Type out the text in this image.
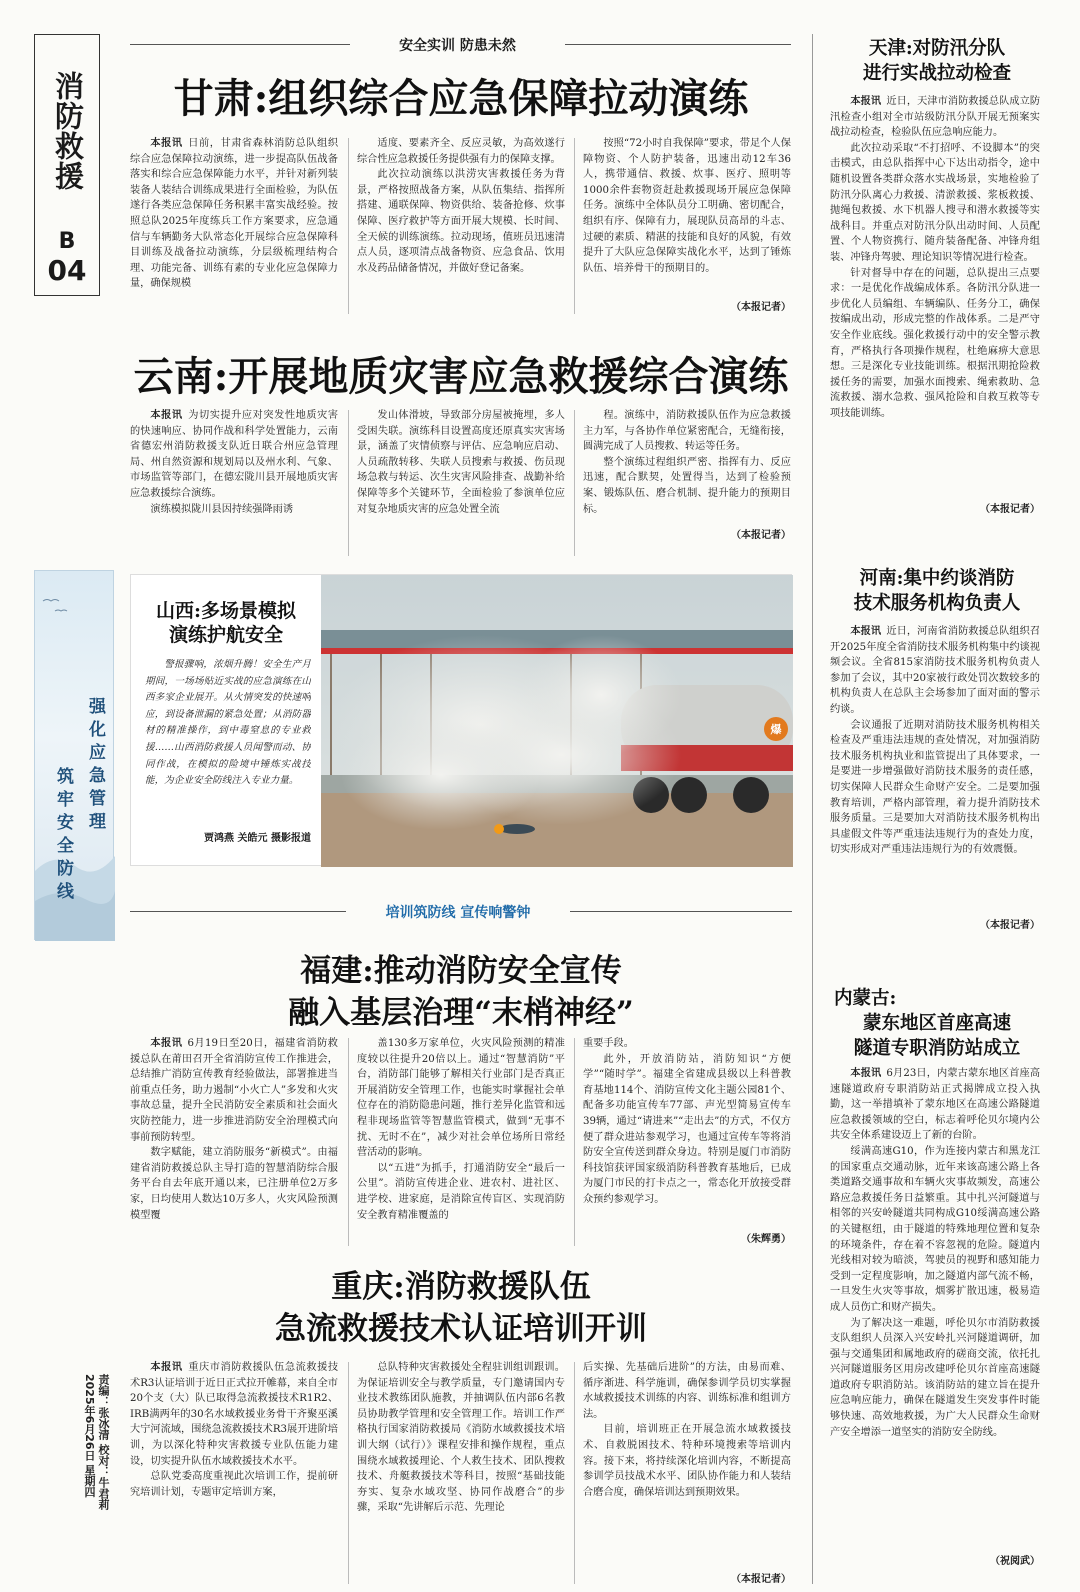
消防救援
B
04
强化应急管理
筑牢安全防线
责编：张冰清 校对：牛君莉
2025年6月26日 星期四
安全实训 防患未然
甘肃:组织综合应急保障拉动演练

本报讯  日前，甘肃省森林消防总队组织综合应急保障拉动演练，进一步提高队伍战备落实和综合应急保障能力水平，并针对新列装装备人装结合训练成果进行全面检验，为队伍遂行各类应急保障任务积累丰富实战经验。按照总队2025年度练兵工作方案要求，应急通信与车辆勤务大队常态化开展综合应急保障科目训练及战备拉动演练，分层级梳理结构合理、功能完备、训练有素的专业化应急保障力量，确保规模

适度、要素齐全、反应灵敏，为高效遂行综合性应急救援任务提供强有力的保障支撑。

此次拉动演练以洪涝灾害救援任务为背景，严格按照战备方案，从队伍集结、指挥所搭建、通联保障、物资供给、装备抢修、炊事保障、医疗救护等方面开展大规模、长时间、全天候的训练演练。拉动现场，值班员迅速清点人员，逐项清点战备物资、应急食品、饮用水及药品储备情况，并做好登记备案。

按照“72小时自我保障”要求，带足个人保障物资、个人防护装备，迅速出动12车36人，携带通信、救援、炊事、医疗、照明等1000余件套物资赶赴救援现场开展应急保障任务。演练中全体队员分工明确、密切配合，组织有序、保障有力，展现队员高昂的斗志、过硬的素质、精湛的技能和良好的风貌，有效提升了大队应急保障实战化水平，达到了锤炼队伍、培养骨干的预期目的。

（本报记者）
云南:开展地质灾害应急救援综合演练

本报讯  为切实提升应对突发性地质灾害的快速响应、协同作战和科学处置能力，云南省德宏州消防救援支队近日联合州应急管理局、州自然资源和规划局以及州水利、气象、市场监管等部门，在德宏陇川县开展地质灾害应急救援综合演练。

演练模拟陇川县因持续强降雨诱

发山体滑坡，导致部分房屋被掩埋，多人受困失联。演练科目设置高度还原真实灾害场景，涵盖了灾情侦察与评估、应急响应启动、人员疏散转移、失联人员搜索与救援、伤员现场急救与转运、次生灾害风险排查、战勤补给保障等多个关键环节，全面检验了参演单位应对复杂地质灾害的应急处置全流

程。演练中，消防救援队伍作为应急救援主力军，与各协作单位紧密配合，无缝衔接，圆满完成了人员搜救、转运等任务。

整个演练过程组织严密、指挥有力、反应迅速，配合默契，处置得当，达到了检验预案、锻炼队伍、磨合机制、提升能力的预期目标。

（本报记者）
山西:多场景模拟
演练护航安全
警报骤响，浓烟升腾！安全生产月期间，一场场贴近实战的应急演练在山西多家企业展开。从火情突发的快速响应，到设备泄漏的紧急处置；从消防器材的精准操作，到中毒窒息的专业救援……山西消防救援人员闻警而动、协同作战，在模拟的险境中锤炼实战技能，为企业安全防线注入专业力量。
贾鸿燕 关皓元 摄影报道
爆
培训筑防线 宣传响警钟
福建:推动消防安全宣传
融入基层治理“末梢神经”

本报讯  6月19日至20日，福建省消防救援总队在莆田召开全省消防宣传工作推进会，总结推广消防宣传教育经验做法，部署推进当前重点任务，助力遏制“小火亡人”多发和火灾事故总量，提升全民消防安全素质和社会面火灾防控能力，进一步推进消防安全治理模式向事前预防转型。

数字赋能，建立消防服务“新模式”。由福建省消防救援总队主导打造的智慧消防综合服务平台自去年底开通以来，已注册单位2万多家，日均使用人数达10万多人，火灾风险预测模型覆

盖130多万家单位，火灾风险预测的精准度较以往提升20倍以上。通过“智慧消防”平台，消防部门能够了解相关行业部门是否真正开展消防安全管理工作，也能实时掌握社会单位存在的消防隐患问题，推行差异化监管和远程非现场监管等智慧监管模式，做到“无事不扰、无时不在”，减少对社会单位场所日常经营活动的影响。

以“五进”为抓手，打通消防安全“最后一公里”。消防宣传进企业、进农村、进社区、进学校、进家庭，是消除宣传盲区、实现消防安全教育精准覆盖的

重要手段。

此外，开放消防站，消防知识“方便学”“随时学”。福建全省建成县级以上科普教育基地114个、消防宣传文化主题公园81个、配备多功能宣传车77部、声光型简易宣传车39辆，通过“请进来”“走出去”的方式，不仅方便了群众进站参观学习，也通过宣传车等将消防安全宣传送到群众身边。特别是厦门市消防科技馆获评国家级消防科普教育基地后，已成为厦门市民的打卡点之一，常态化开放接受群众预约参观学习。

（朱辉勇）
重庆:消防救援队伍
急流救援技术认证培训开训

本报讯  重庆市消防救援队伍急流救援技术R3认证培训于近日正式拉开帷幕，来自全市20个支（大）队已取得急流救援技术R1R2、IRB满两年的30名水域救援业务骨干齐聚巫溪大宁河流域，围绕急流救援技术R3展开进阶培训，为以深化特种灾害救援专业队伍能力建设，切实提升队伍水域救援技术水平。

总队党委高度重视此次培训工作，提前研究培训计划，专题审定培训方案，

总队特种灾害救援处全程驻训组训跟训。为保证培训安全与教学质量，专门邀请国内专业技术教练团队施教，并抽调队伍内部6名教员协助教学管理和安全管理工作。培训工作严格执行国家消防救援局《消防水域救援技术培训大纲（试行）》课程安排和操作规程，重点围绕水域救援理论、个人救生技术、团队搜救技术、舟艇救援技术等科目，按照“基础技能夯实、复杂水域攻坚、协同作战磨合”的步骤，采取“先讲解后示范、先理论

后实操、先基础后进阶”的方法，由易而难、循序渐进、科学施训，确保参训学员切实掌握水域救援技术训练的内容、训练标准和组训方法。

目前，培训班正在开展急流水域救援技术、自救脱困技术、特种环境搜索等培训内容。接下来，将持续深化培训内容，不断提高参训学员技战术水平、团队协作能力和人装结合磨合度，确保培训达到预期效果。

（本报记者）
天津:对防汛分队
进行实战拉动检查

本报讯  近日，天津市消防救援总队成立防汛检查小组对全市站级防汛分队开展无预案实战拉动检查，检验队伍应急响应能力。

此次拉动采取“不打招呼、不设脚本”的突击模式，由总队指挥中心下达出动指令，途中随机设置各类群众落水实战场景，实地检验了防汛分队离心力救援、清淤救援、浆板救援、抛绳包救援、水下机器人搜寻和潜水救援等实战科目。并重点对防汛分队出动时间、人员配置、个人物资携行、随舟装备配备、冲锋舟组装、冲锋舟驾驶、理论知识等情况进行检查。

针对督导中存在的问题，总队提出三点要求：一是优化作战编成体系。各防汛分队进一步优化人员编组、车辆编队、任务分工，确保按编成出动，形成完整的作战体系。二是严守安全作业底线。强化救援行动中的安全警示教育，严格执行各项操作规程，杜绝麻痹大意思想。三是深化专业技能训练。根据汛期抢险救援任务的需要，加强水面搜索、绳索救助、急流救援、溺水急救、强风抢险和自救互救等专项技能训练。

（本报记者）
河南:集中约谈消防
技术服务机构负责人

本报讯  近日，河南省消防救援总队组织召开2025年度全省消防技术服务机构集中约谈视频会议。全省815家消防技术服务机构负责人参加了会议，其中20家被行政处罚次数较多的机构负责人在总队主会场参加了面对面的警示约谈。

会议通报了近期对消防技术服务机构相关检查及严重违法违规的查处情况，对加强消防技术服务机构执业和监管提出了具体要求，一是要进一步增强做好消防技术服务的责任感，切实保障人民群众生命财产安全。二是要加强教育培训，严格内部管理，着力提升消防技术服务质量。三是要加大对消防技术服务机构出具虚假文件等严重违法违规行为的查处力度，切实形成对严重违法违规行为的有效震慑。

（本报记者）
内蒙古:
蒙东地区首座高速
隧道专职消防站成立

本报讯  6月23日，内蒙古蒙东地区首座高速隧道政府专职消防站正式揭牌成立投入执勤，这一举措填补了蒙东地区在高速公路隧道应急救援领域的空白，标志着呼伦贝尔境内公共安全体系建设迈上了新的台阶。

绥满高速G10，作为连接内蒙古和黑龙江的国家重点交通动脉，近年来该高速公路上各类道路交通事故和车辆火灾事故频发，高速公路应急救援任务日益繁重。其中扎兴河隧道与相邻的兴安岭隧道共同构成G10绥满高速公路的关键枢纽，由于隧道的特殊地理位置和复杂的环境条件，存在着不容忽视的危险。隧道内光线相对较为暗淡，驾驶员的视野和感知能力受到一定程度影响，加之隧道内部气流不畅，一旦发生火灾等事故，烟雾扩散迅速，极易造成人员伤亡和财产损失。

为了解决这一难题，呼伦贝尔市消防救援支队组织人员深入兴安岭扎兴河隧道调研，加强与交通集团和属地政府的磋商交流，依托扎兴河隧道服务区用房改建呼伦贝尔首座高速隧道政府专职消防站。该消防站的建立旨在提升应急响应能力，确保在隧道发生突发事件时能够快速、高效地救援，为广大人民群众生命财产安全增添一道坚实的消防安全防线。

（祝阅武）
